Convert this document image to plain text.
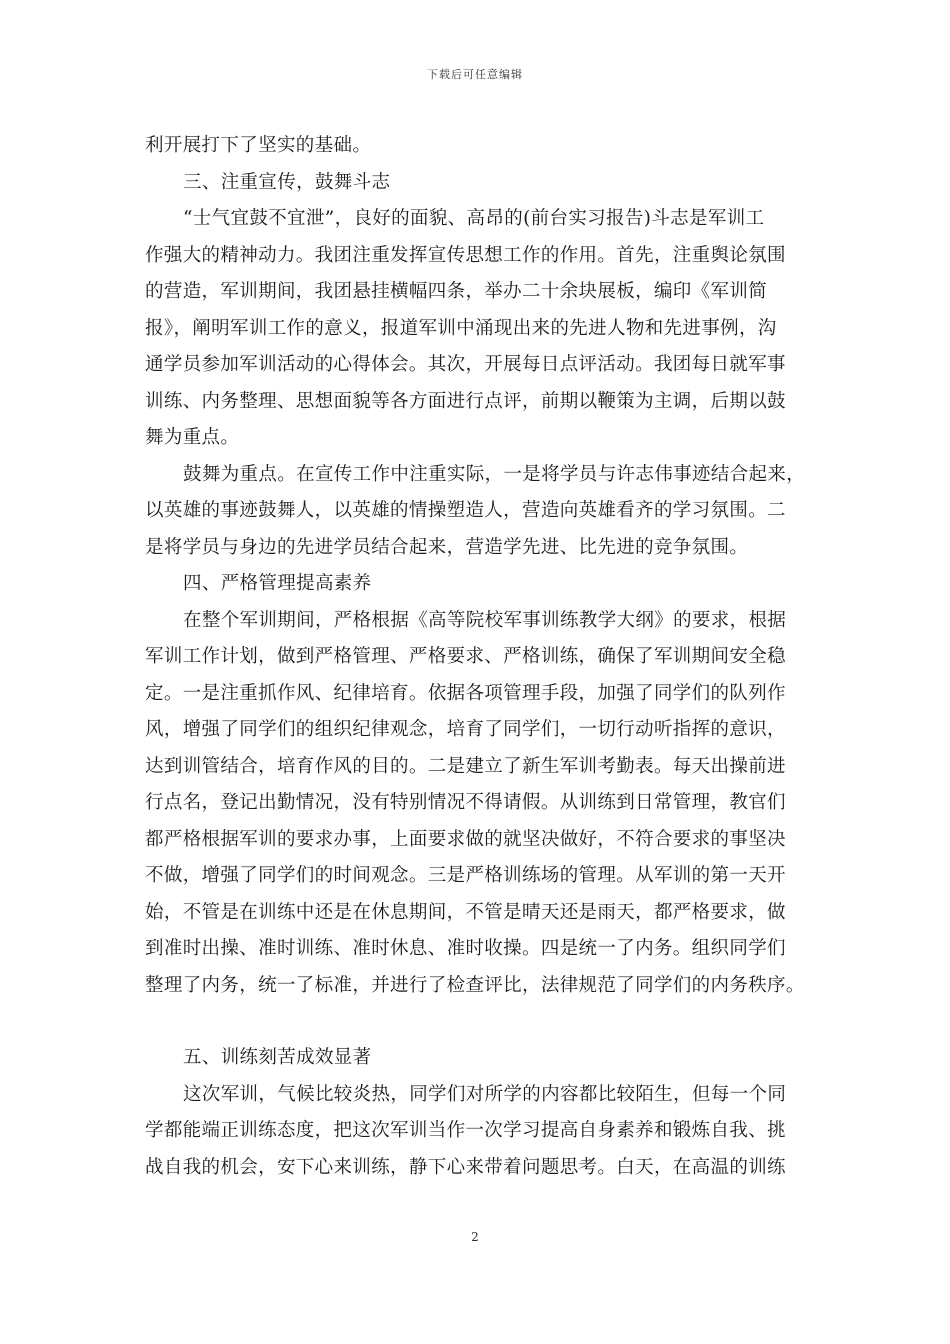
下载后可任意编辑
利开展打下了坚实的基础。
三、注重宣传，鼓舞斗志
“士气宜鼓不宜泄”，良好的面貌、高昂的(前台实习报告)斗志是军训工
作强大的精神动力。我团注重发挥宣传思想工作的作用。首先，注重舆论氛围
的营造，军训期间，我团悬挂横幅四条，举办二十余块展板，编印《军训简
报》，阐明军训工作的意义，报道军训中涌现出来的先进人物和先进事例，沟
通学员参加军训活动的心得体会。其次，开展每日点评活动。我团每日就军事
训练、内务整理、思想面貌等各方面进行点评，前期以鞭策为主调，后期以鼓
舞为重点。
鼓舞为重点。在宣传工作中注重实际，一是将学员与许志伟事迹结合起来，
以英雄的事迹鼓舞人，以英雄的情操塑造人，营造向英雄看齐的学习氛围。二
是将学员与身边的先进学员结合起来，营造学先进、比先进的竞争氛围。
四、严格管理提高素养
在整个军训期间，严格根据《高等院校军事训练教学大纲》的要求，根据
军训工作计划，做到严格管理、严格要求、严格训练，确保了军训期间安全稳
定。一是注重抓作风、纪律培育。依据各项管理手段，加强了同学们的队列作
风，增强了同学们的组织纪律观念，培育了同学们，一切行动听指挥的意识，
达到训管结合，培育作风的目的。二是建立了新生军训考勤表。每天出操前进
行点名，登记出勤情况，没有特别情况不得请假。从训练到日常管理，教官们
都严格根据军训的要求办事，上面要求做的就坚决做好，不符合要求的事坚决
不做，增强了同学们的时间观念。三是严格训练场的管理。从军训的第一天开
始，不管是在训练中还是在休息期间，不管是晴天还是雨天，都严格要求，做
到准时出操、准时训练、准时休息、准时收操。四是统一了内务。组织同学们
整理了内务，统一了标准，并进行了检查评比，法律规范了同学们的内务秩序。
五、训练刻苦成效显著
这次军训，气候比较炎热，同学们对所学的内容都比较陌生，但每一个同
学都能端正训练态度，把这次军训当作一次学习提高自身素养和锻炼自我、挑
战自我的机会，安下心来训练，静下心来带着问题思考。白天，在高温的训练
2
